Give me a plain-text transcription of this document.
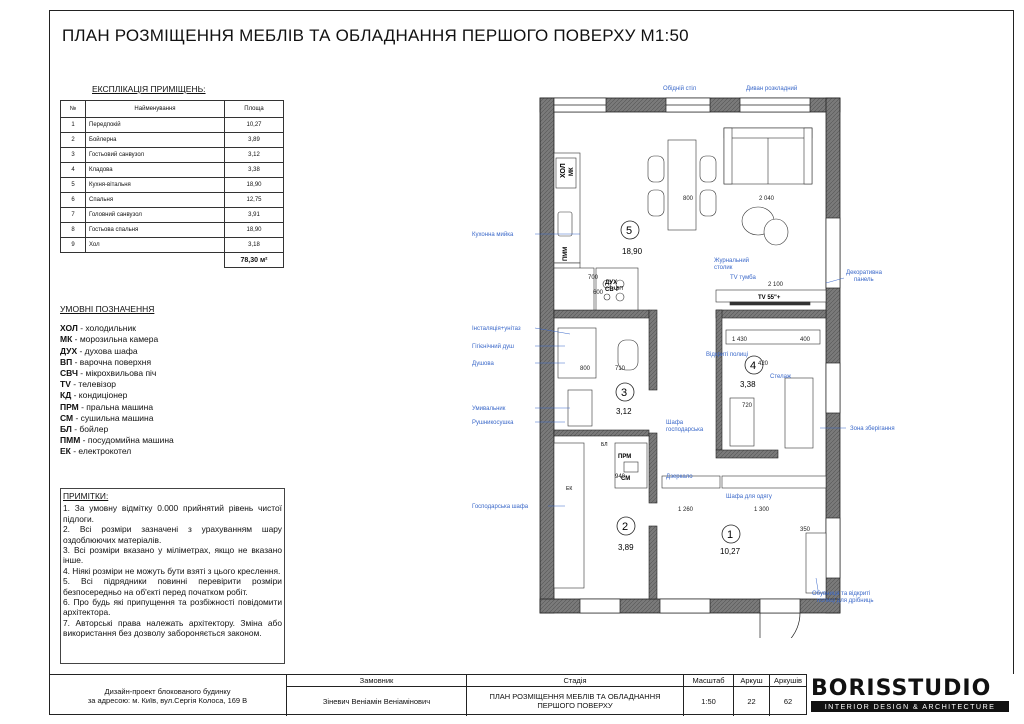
ПЛАН РОЗМІЩЕННЯ МЕБЛІВ ТА ОБЛАДНАННЯ ПЕРШОГО ПОВЕРХУ М1:50
ЕКСПЛІКАЦІЯ ПРИМІЩЕНЬ:
№	Найменування	Площа
1	Передпокій	10,27
2	Бойлерна	3,89
3	Гостьовий санвузол	3,12
4	Кладова	3,38
5	Кухня-вітальня	18,90
6	Спальня	12,75
7	Головний санвузол	3,91
8	Гостьова спальня	18,90
9	Хол	3,18
		78,30 м²
УМОВНІ ПОЗНАЧЕННЯ
ХОЛ - холодильник
МК - морозильна камера
ДУХ - духова шафа
ВП - варочна поверхня
СВЧ - мікрохвильова піч
TV - телевізор
КД - кондиціонер
ПРМ - пральна машина
СМ - сушильна машина
БЛ - бойлер
ПММ - посудомийна машина
ЕК - електрокотел
ПРИМІТКИ:

1. За умовну відмітку 0.000 прийнятий рівень чистої підлоги.

2. Всі розміри зазначені з урахуванням шару оздоблюючих матеріалів.

3. Всі розміри вказано у міліметрах, якщо не вказано інше.

4. Ніякі розміри не можуть бути взяті з цього креслення.

5. Всі підрядники повинні перевірити розміри безпосередньо на об'єкті перед початком робіт.

6. Про будь які припущення та розбіжності повідомити архітектора.

7. Авторські права належать архітектору. Зміна або використання без дозволу забороняється законом.

ХОЛ МК
ПММ
ДУХ
СВЧ
ВП
TV 55"+
ПРМ
СМ
БЛ
ЕК
5
18,90
3
3,12
4
3,38
2
3,89
1
10,27
2 040
800
2 100
700
600
800	710
1 430
420
400
720
940
1 260	1 300
350
Обідній стіл	Диван розкладний
Кухонна мийка
Журнальний
столик
TV тумба
Декоративна
панель
Інсталяція+унітаз
Гігієнічний душ
Душова
Відкриті полиці
Стелаж
Умивальник
Рушникосушка	Шафа
господарська	Зона зберігання
Дзеркало
Шафа для одягу
Господарська шафа
Обувниця та відкриті
полиці для дрібниць
Дизайн-проект блокованого будинку
за адресою: м. Київ, вул.Сергія Колоса, 169 В
Замовник
Зіневич Веніамін Веніамінович
Стадія
ПЛАН РОЗМІЩЕННЯ МЕБЛІВ ТА ОБЛАДНАННЯ
ПЕРШОГО ПОВЕРХУ
Масштаб
1:50
Аркуш
22
Аркушів
62 BORISSTUDIO
INTERIOR DESIGN & ARCHITECTURE
